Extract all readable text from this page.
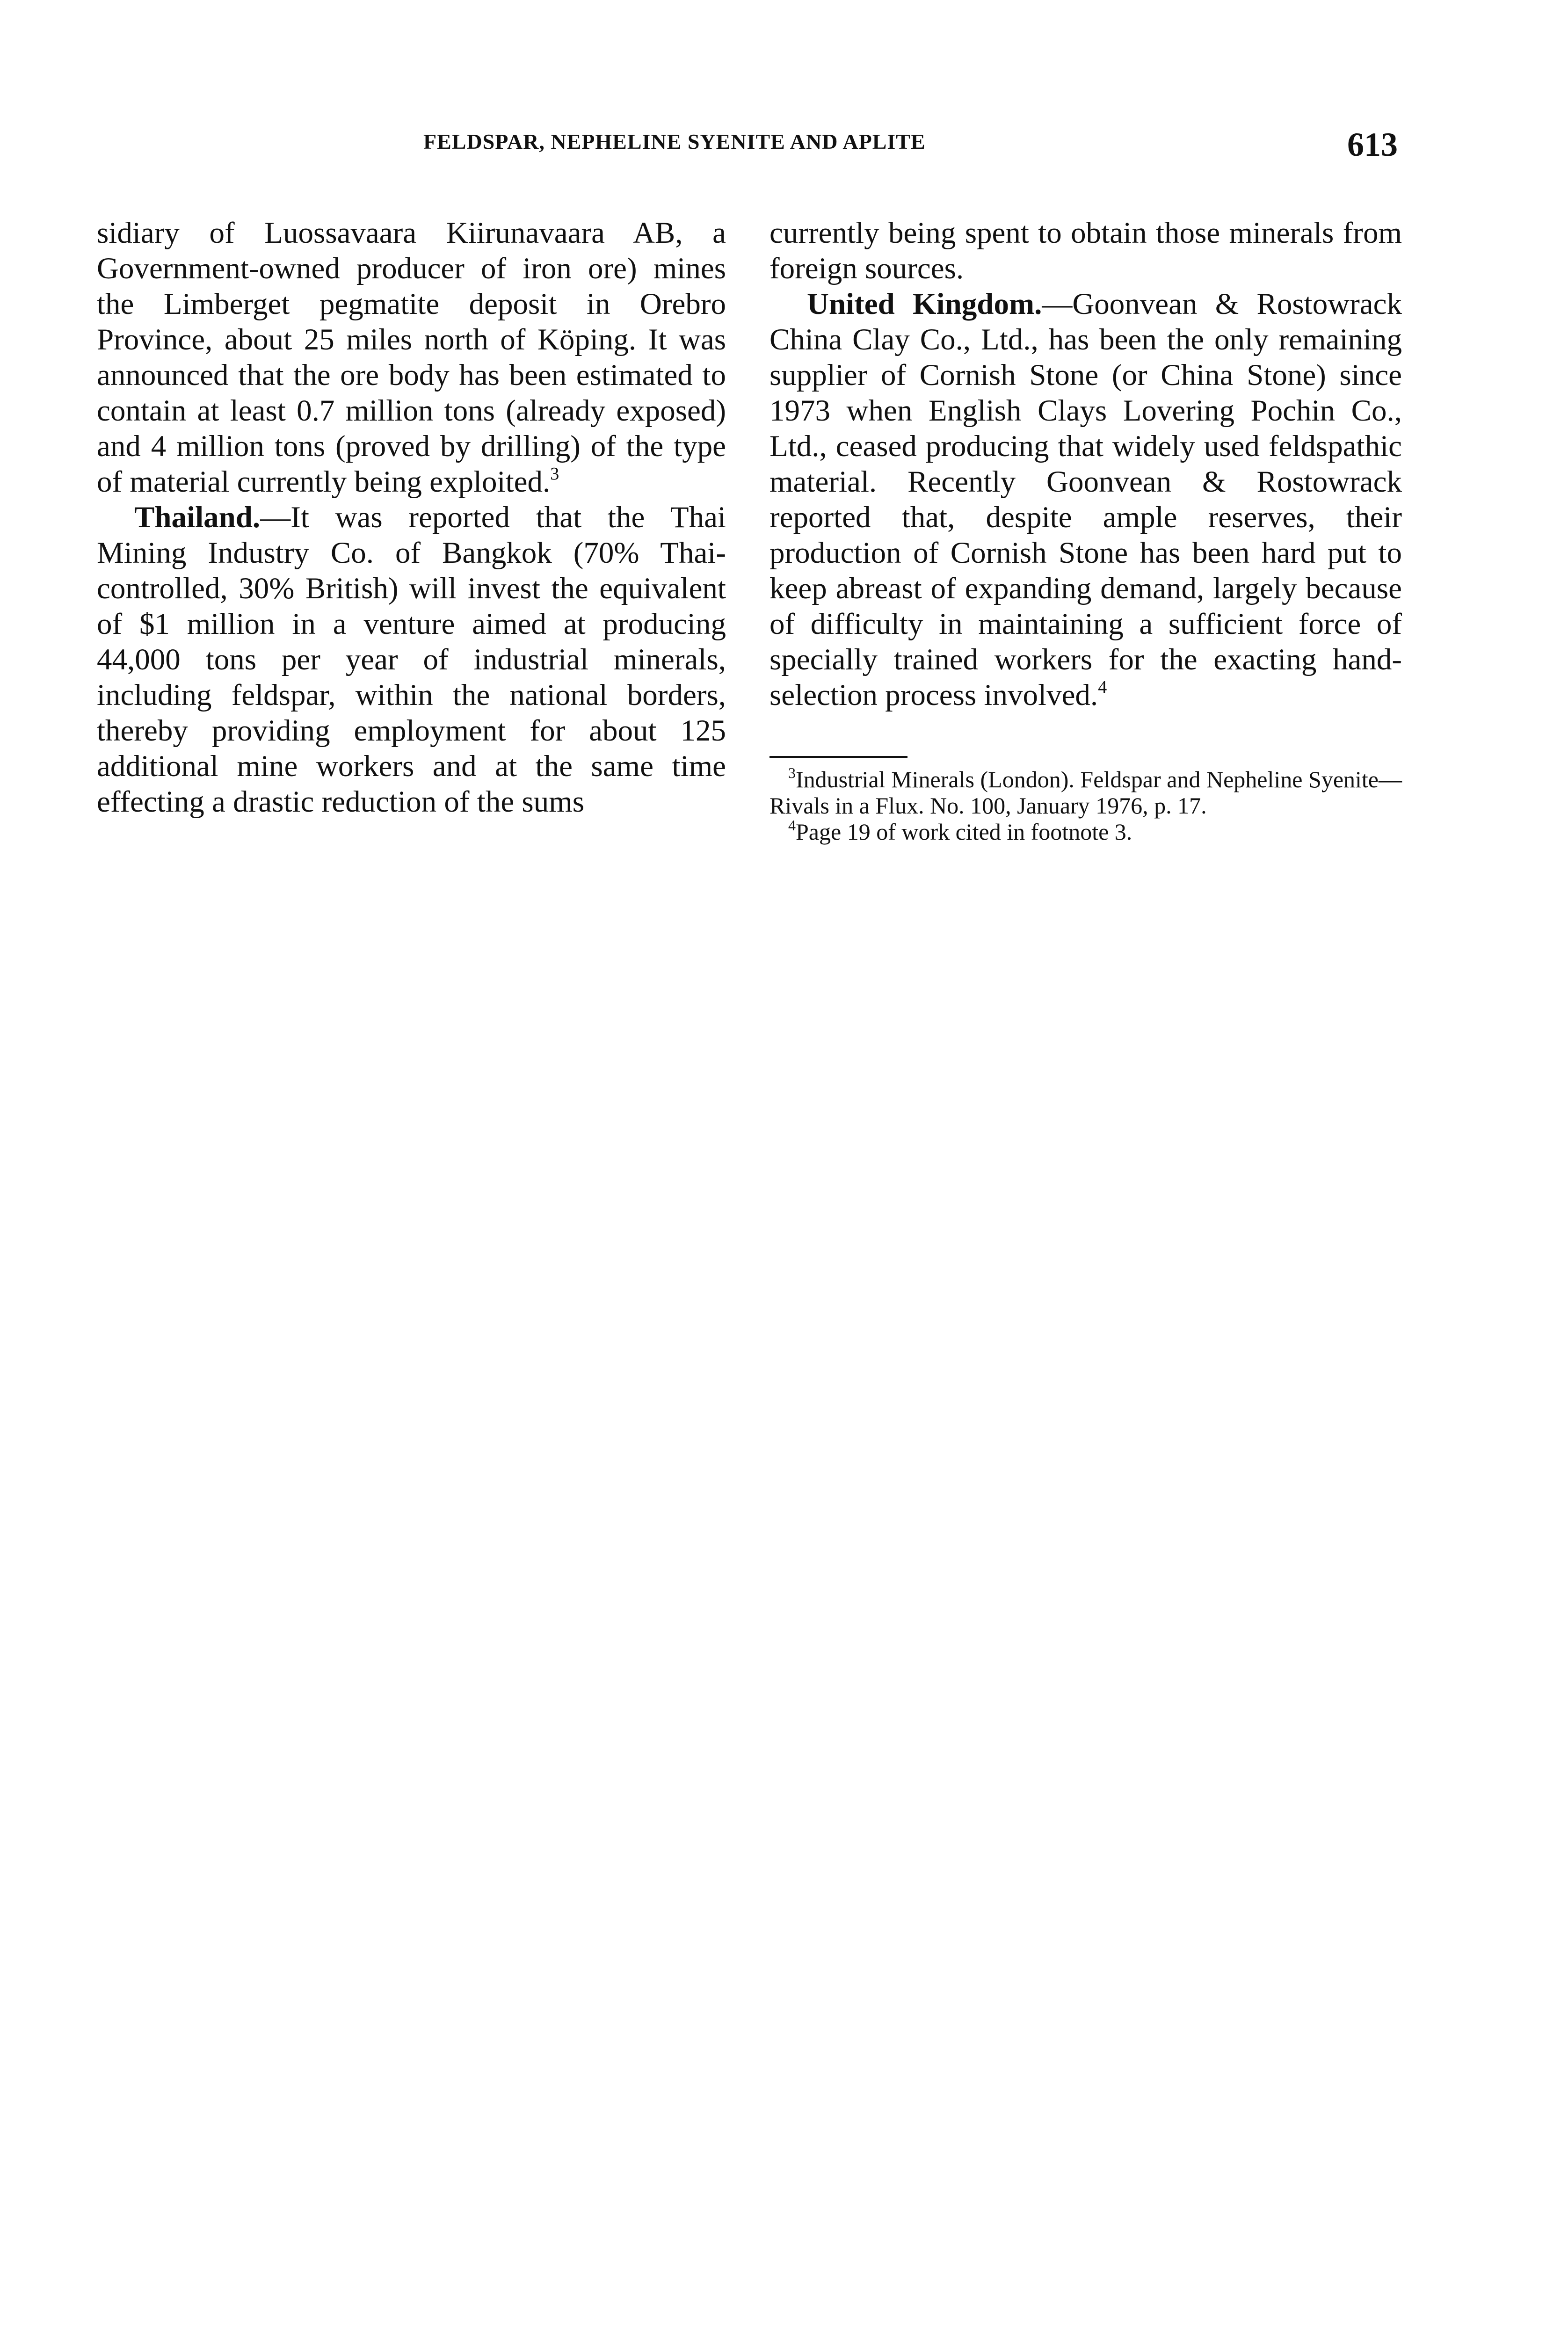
FELDSPAR, NEPHELINE SYENITE AND APLITE	613

sidiary of Luossavaara Kiirunavaara AB, a Government-owned producer of iron ore) mines the Limberget pegmatite deposit in Orebro Province, about 25 miles north of Köping. It was announced that the ore body has been estimated to contain at least 0.7 million tons (already exposed) and 4 million tons (proved by drilling) of the type of material currently being exploited.$^3$

Thailand.—It was reported that the Thai Mining Industry Co. of Bangkok (70% Thai-controlled, 30% British) will invest the equivalent of $1 million in a venture aimed at producing 44,000 tons per year of industrial minerals, including feldspar, within the national borders, thereby providing employment for about 125 additional mine workers and at the same time effecting a drastic reduction of the sums

currently being spent to obtain those minerals from foreign sources.

United Kingdom.—Goonvean & Rostowrack China Clay Co., Ltd., has been the only remaining supplier of Cornish Stone (or China Stone) since 1973 when English Clays Lovering Pochin Co., Ltd., ceased producing that widely used feldspathic material. Recently Goonvean & Rostowrack reported that, despite ample reserves, their production of Cornish Stone has been hard put to keep abreast of expanding demand, largely because of difficulty in maintaining a sufficient force of specially trained workers for the exacting hand-selection process involved.$^4$

$^3$Industrial Minerals (London). Feldspar and Nepheline Syenite—Rivals in a Flux. No. 100, January 1976, p. 17.

$^4$Page 19 of work cited in footnote 3.
